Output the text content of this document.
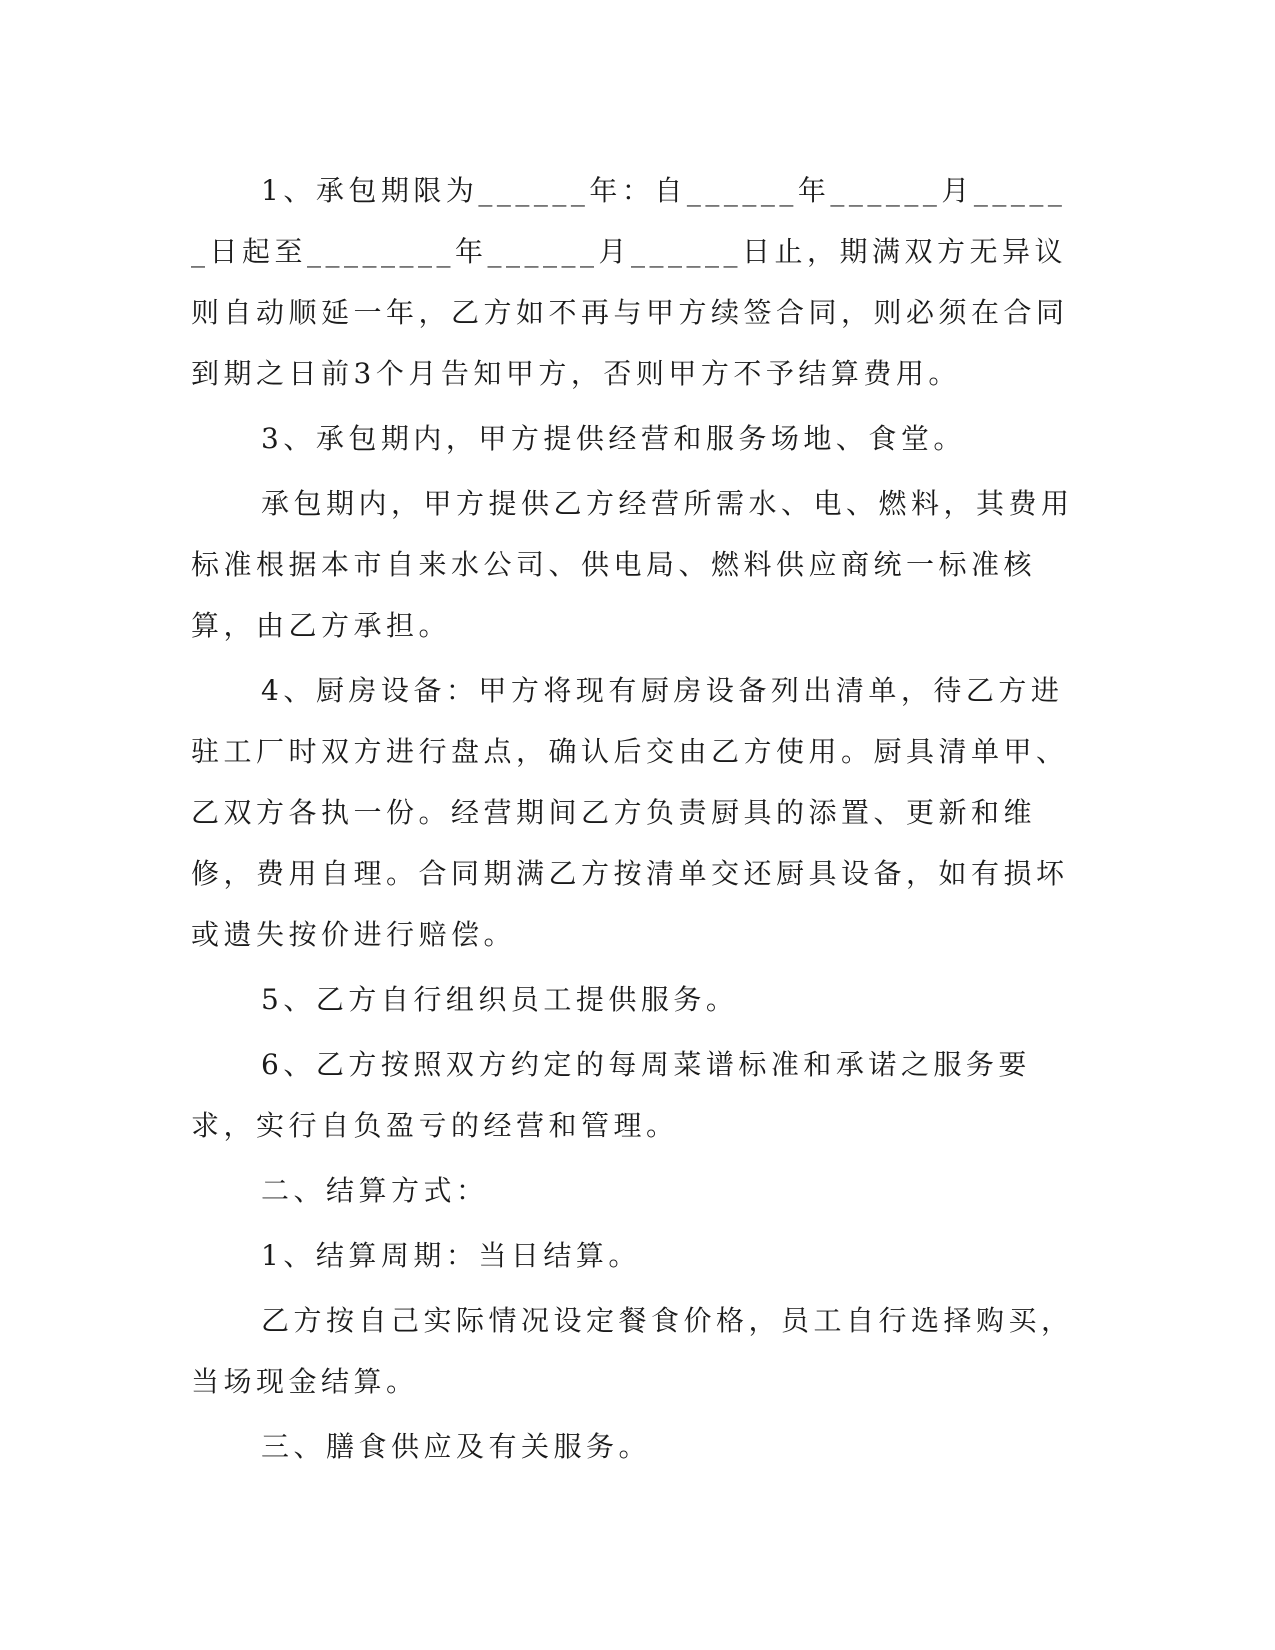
1、承包期限为______年：自______年______月______日起至________年______月______日止，期满双方无异议则自动顺延一年，乙方如不再与甲方续签合同，则必须在合同到期之日前3个月告知甲方，否则甲方不予结算费用。

3、承包期内，甲方提供经营和服务场地、食堂。

承包期内，甲方提供乙方经营所需水、电、燃料，其费用标准根据本市自来水公司、供电局、燃料供应商统一标准核算，由乙方承担。

4、厨房设备：甲方将现有厨房设备列出清单，待乙方进驻工厂时双方进行盘点，确认后交由乙方使用。厨具清单甲、乙双方各执一份。经营期间乙方负责厨具的添置、更新和维修，费用自理。合同期满乙方按清单交还厨具设备，如有损坏或遗失按价进行赔偿。

5、乙方自行组织员工提供服务。

6、乙方按照双方约定的每周菜谱标准和承诺之服务要求，实行自负盈亏的经营和管理。

二、结算方式：

1、结算周期：当日结算。

乙方按自己实际情况设定餐食价格，员工自行选择购买，当场现金结算。

三、膳食供应及有关服务。
